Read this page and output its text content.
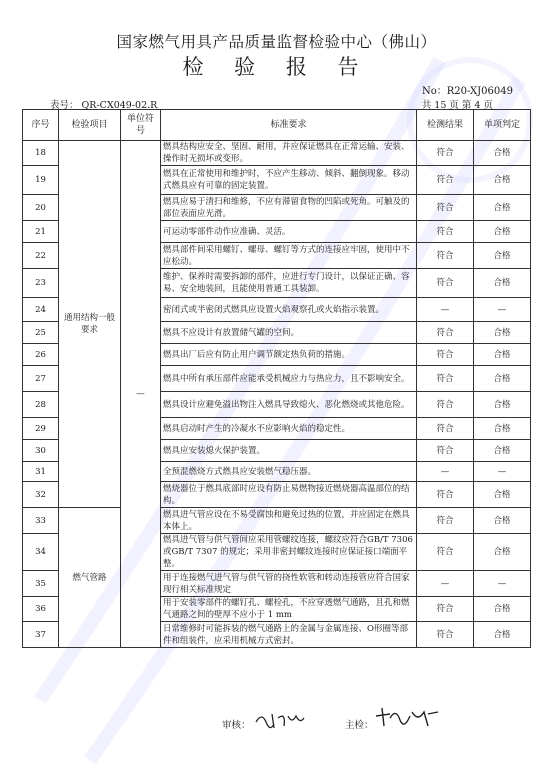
国家燃气用具产品质量监督检验中心（佛山）
检 验 报 告
No：R20-XJ06049
表号： QR-CX049-02.R	共 15 页 第 4 页
序号	检验项目	单位符号	标准要求	检测结果	单项判定
18	通用结构一般要求	—	燃具结构应安全、坚固、耐用，并应保证燃具在正常运输、安装、操作时无损坏或变形。	符合	合格
19			燃具在正常使用和维护时，不应产生移动、倾斜、翻倒现象。移动式燃具应有可靠的固定装置。	符合	合格
20			燃具应易于清扫和维修，不应有滞留食物的凹陷或死角。可触及的部位表面应光滑。	符合	合格
21			可运动零部件动作应准确、灵活。	符合	合格
22			燃具部件间采用螺钉、螺母、螺钉等方式的连接应牢固，使用中不应松动。	符合	合格
23			维护、保养时需要拆卸的部件，应进行专门设计，以保证正确、容易、安全地装回，且能使用普通工具装卸。	符合	合格
24			密闭式或半密闭式燃具应设置火焰观察孔或火焰指示装置。	—	—
25			燃具不应设计有放置储气罐的空间。	符合	合格
26			燃具出厂后应有防止用户调节额定热负荷的措施。	符合	合格
27			燃具中所有承压部件应能承受机械应力与热应力，且不影响安全。	符合	合格
28			燃具设计应避免溢出物注入燃具导致熄火、恶化燃烧或其他危险。	符合	合格
29			燃具启动时产生的冷凝水不应影响火焰的稳定性。	符合	合格
30			燃具应安装熄火保护装置。	符合	合格
31			全预混燃烧方式燃具应安装燃气稳压器。	—	—
32			燃烧器位于燃具底部时应设有防止易燃物接近燃烧器高温部位的结构。	符合	合格
33	燃气管路		燃具进气管应设在不易受腐蚀和避免过热的位置，并应固定在燃具本体上。	符合	合格
34			燃具进气管与供气管间应采用管螺纹连接，螺纹应符合GB/T 7306 或GB/T 7307 的规定；采用非密封螺纹连接时应保证接口端面平整。	符合	合格
35			用于连接燃气进气管与供气管的挠性软管和转动连接管应符合国家现行相关标准规定	—	—
36			用于安装零部件的螺钉孔、螺栓孔，不应穿透燃气通路，且孔和燃气通路之间的壁厚不应小于 1 mm	符合	合格
37			日常维修时可能拆装的燃气通路上的金属与金属连接、O形圈等部件和组装件，应采用机械方式密封。	符合	合格
审核：	主检：
